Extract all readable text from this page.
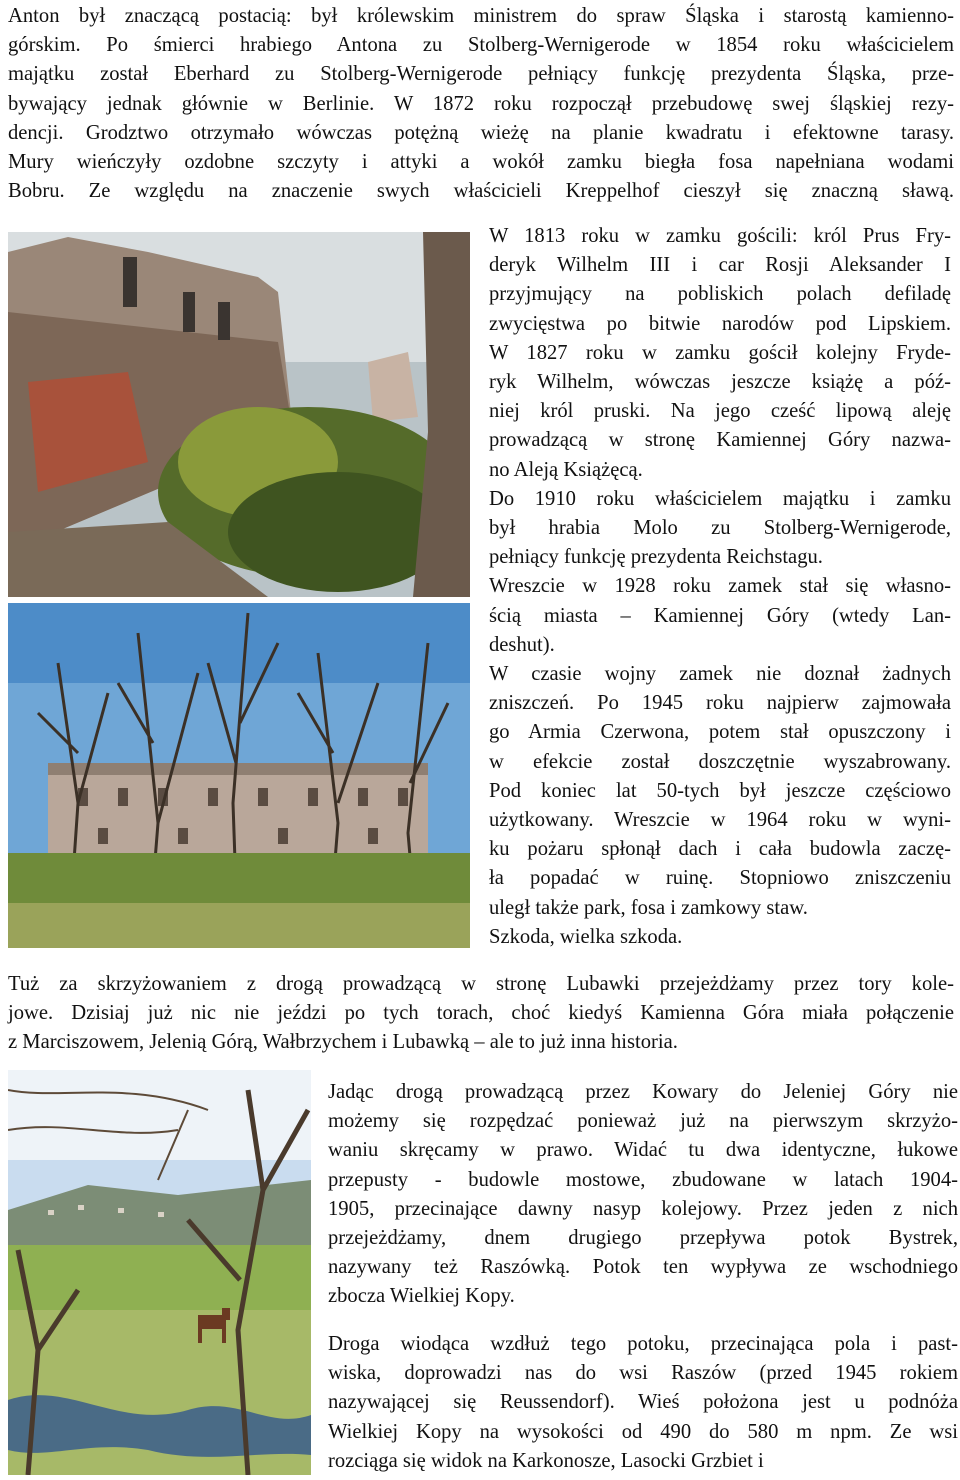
Anton był znaczącą postacią: był królewskim ministrem do spraw Śląska i starostą kamienno-
górskim. Po śmierci hrabiego Antona zu Stolberg-Wernigerode w 1854 roku właścicielem
majątku został Eberhard zu Stolberg-Wernigerode pełniący funkcję prezydenta Śląska, prze-
bywający jednak głównie w Berlinie. W 1872 roku rozpoczął przebudowę swej śląskiej rezy-
dencji. Grodztwo otrzymało wówczas potężną wieżę na planie kwadratu i efektowne tarasy.
Mury wieńczyły ozdobne szczyty i attyki a wokół zamku biegła fosa napełniana wodami
Bobru. Ze względu na znaczenie swych właścicieli Kreppelhof cieszył się znaczną sławą.
W 1813 roku w zamku gościli: król Prus Fry-
deryk Wilhelm III i car Rosji Aleksander I
przyjmujący na pobliskich polach defiladę
zwycięstwa po bitwie narodów pod Lipskiem.
W 1827 roku w zamku gościł kolejny Fryde-
ryk Wilhelm, wówczas jeszcze książę a póź-
niej król pruski. Na jego cześć lipową aleję
prowadzącą w stronę Kamiennej Góry nazwa-
no Aleją Książęcą.
Do 1910 roku właścicielem majątku i zamku
był hrabia Molo zu Stolberg-Wernigerode,
pełniący funkcję prezydenta Reichstagu.
Wreszcie w 1928 roku zamek stał się własno-
ścią miasta – Kamiennej Góry (wtedy Lan-
deshut).
W czasie wojny zamek nie doznał żadnych
zniszczeń. Po 1945 roku najpierw zajmowała
go Armia Czerwona, potem stał opuszczony i
w efekcie został doszczętnie wyszabrowany.
Pod koniec lat 50-tych był jeszcze częściowo
użytkowany. Wreszcie w 1964 roku w wyni-
ku pożaru spłonął dach i cała budowla zaczę-
ła popadać w ruinę. Stopniowo zniszczeniu
uległ także park, fosa i zamkowy staw.
Szkoda, wielka szkoda.
Tuż za skrzyżowaniem z drogą prowadzącą w stronę Lubawki przejeżdżamy przez tory kole-
jowe. Dzisiaj już nic nie jeździ po tych torach, choć kiedyś Kamienna Góra miała połączenie
z Marciszowem, Jelenią Górą, Wałbrzychem i Lubawką – ale to już inna historia.
Jadąc drogą prowadzącą przez Kowary do Jeleniej Góry nie
możemy się rozpędzać ponieważ już na pierwszym skrzyżo-
waniu skręcamy w prawo. Widać tu dwa identyczne, łukowe
przepusty - budowle mostowe, zbudowane w latach 1904-
1905, przecinające dawny nasyp kolejowy. Przez jeden z nich
przejeżdżamy, dnem drugiego przepływa potok Bystrek,
nazywany też Raszówką. Potok ten wypływa ze wschodniego
zbocza Wielkiej Kopy.
Droga wiodąca wzdłuż tego potoku, przecinająca pola i past-
wiska, doprowadzi nas do wsi Raszów (przed 1945 rokiem
nazywającej się Reussendorf). Wieś położona jest u podnóża
Wielkiej Kopy na wysokości od 490 do 580 m npm. Ze wsi
rozciąga się widok na Karkonosze, Lasocki Grzbiet i
